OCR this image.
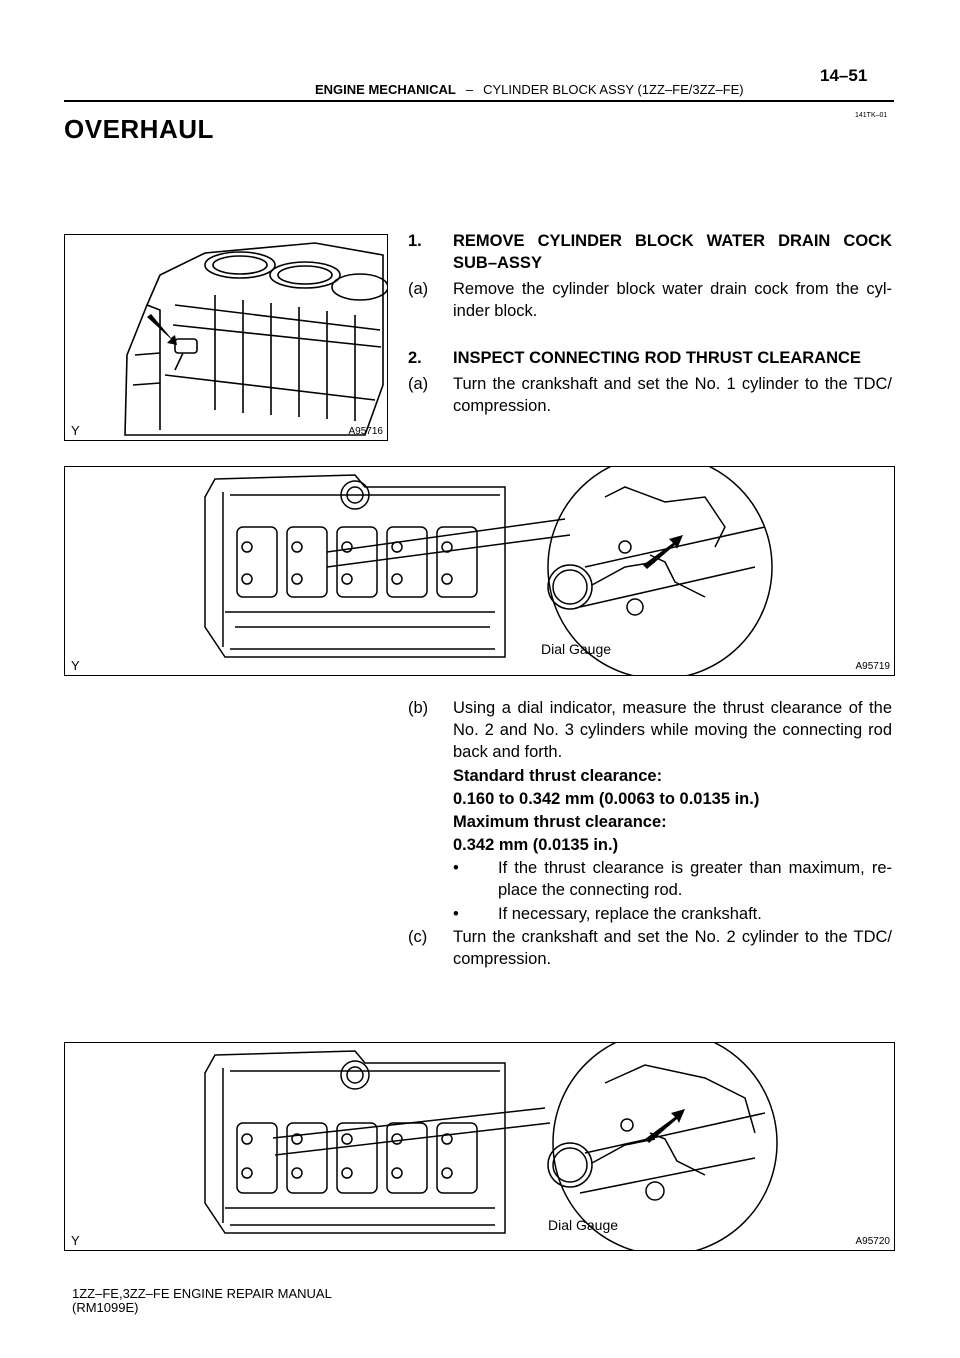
14–51
ENGINE MECHANICAL – CYLINDER BLOCK ASSY (1ZZ–FE/3ZZ–FE)
141TK–01
OVERHAUL
Y	A95716
1. REMOVE CYLINDER BLOCK WATER DRAIN COCK SUB–ASSY
(a) Remove the cylinder block water drain cock from the cyl-inder block.
2. INSPECT CONNECTING ROD THRUST CLEARANCE
(a) Turn the crankshaft and set the No. 1 cylinder to the TDC/ compression.
Dial Gauge
Y	A95719
(b) Using a dial indicator, measure the thrust clearance of the No. 2 and No. 3 cylinders while moving the connecting rod back and forth.
Standard thrust clearance:
0.160 to 0.342 mm (0.0063 to 0.0135 in.)
Maximum thrust clearance:
0.342 mm (0.0135 in.)
• If the thrust clearance is greater than maximum, re-place the connecting rod.
• If necessary, replace the crankshaft.
(c) Turn the crankshaft and set the No. 2 cylinder to the TDC/ compression.
Dial Gauge
Y	A95720
1ZZ–FE,3ZZ–FE ENGINE REPAIR MANUAL
(RM1099E)
